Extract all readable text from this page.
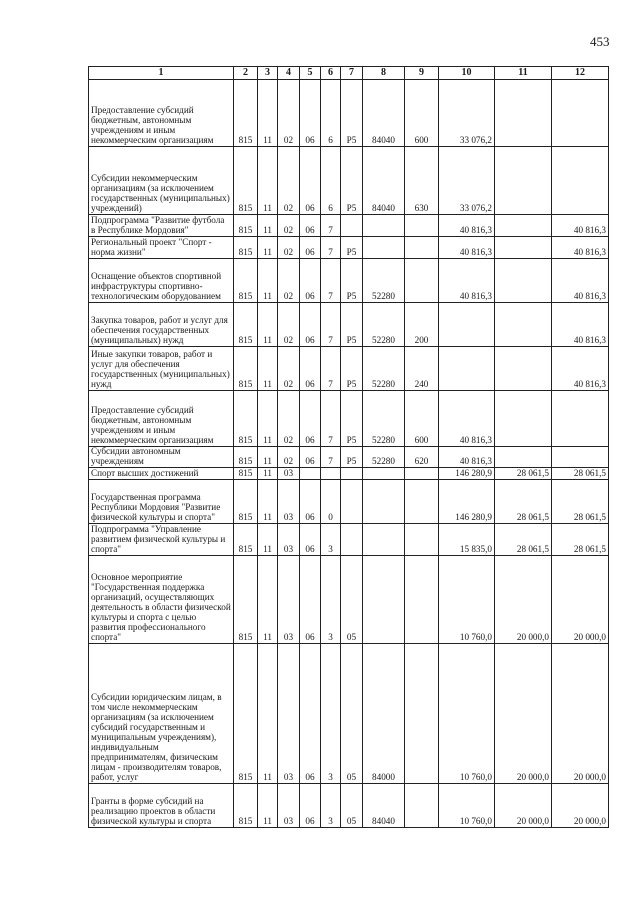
453
1	2	3	4	5	6	7	8	9	10	11	12
Предоставление субсидий бюджетным, автономным учреждениям и иным некоммерческим организациям	815	11	02	06	6	P5	84040	600	33 076,2		
Субсидии некоммерческим организациям (за исключением государственных (муниципальных) учреждений)	815	11	02	06	6	P5	84040	630	33 076,2		
Подпрограмма "Развитие футбола в Республике Мордовия"	815	11	02	06	7				40 816,3		40 816,3
Региональный проект "Спорт - норма жизни"	815	11	02	06	7	P5			40 816,3		40 816,3
Оснащение объектов спортивной инфраструктуры спортивно-технологическим оборудованием	815	11	02	06	7	P5	52280		40 816,3		40 816,3
Закупка товаров, работ и услуг для обеспечения государственных (муниципальных) нужд	815	11	02	06	7	P5	52280	200			40 816,3
Иные закупки товаров, работ и услуг для обеспечения государственных (муниципальных) нужд	815	11	02	06	7	P5	52280	240			40 816,3
Предоставление субсидий бюджетным, автономным учреждениям и иным некоммерческим организациям	815	11	02	06	7	P5	52280	600	40 816,3		
Субсидии автономным учреждениям	815	11	02	06	7	P5	52280	620	40 816,3		
Спорт высших достижений	815	11	03						146 280,9	28 061,5	28 061,5
Государственная программа Республики Мордовия "Развитие физической культуры и спорта"	815	11	03	06	0				146 280,9	28 061,5	28 061,5
Подпрограмма "Управление развитием физической культуры и спорта"	815	11	03	06	3				15 835,0	28 061,5	28 061,5
Основное мероприятие "Государственная поддержка организаций, осуществляющих деятельность в области физической культуры и спорта с целью развития профессионального спорта"	815	11	03	06	3	05			10 760,0	20 000,0	20 000,0
Субсидии юридическим лицам, в том числе некоммерческим организациям (за исключением субсидий государственным и муниципальным учреждениям), индивидуальным предпринимателям, физическим лицам - производителям товаров, работ, услуг	815	11	03	06	3	05	84000		10 760,0	20 000,0	20 000,0
Гранты в форме субсидий на реализацию проектов в области физической культуры и спорта	815	11	03	06	3	05	84040		10 760,0	20 000,0	20 000,0
